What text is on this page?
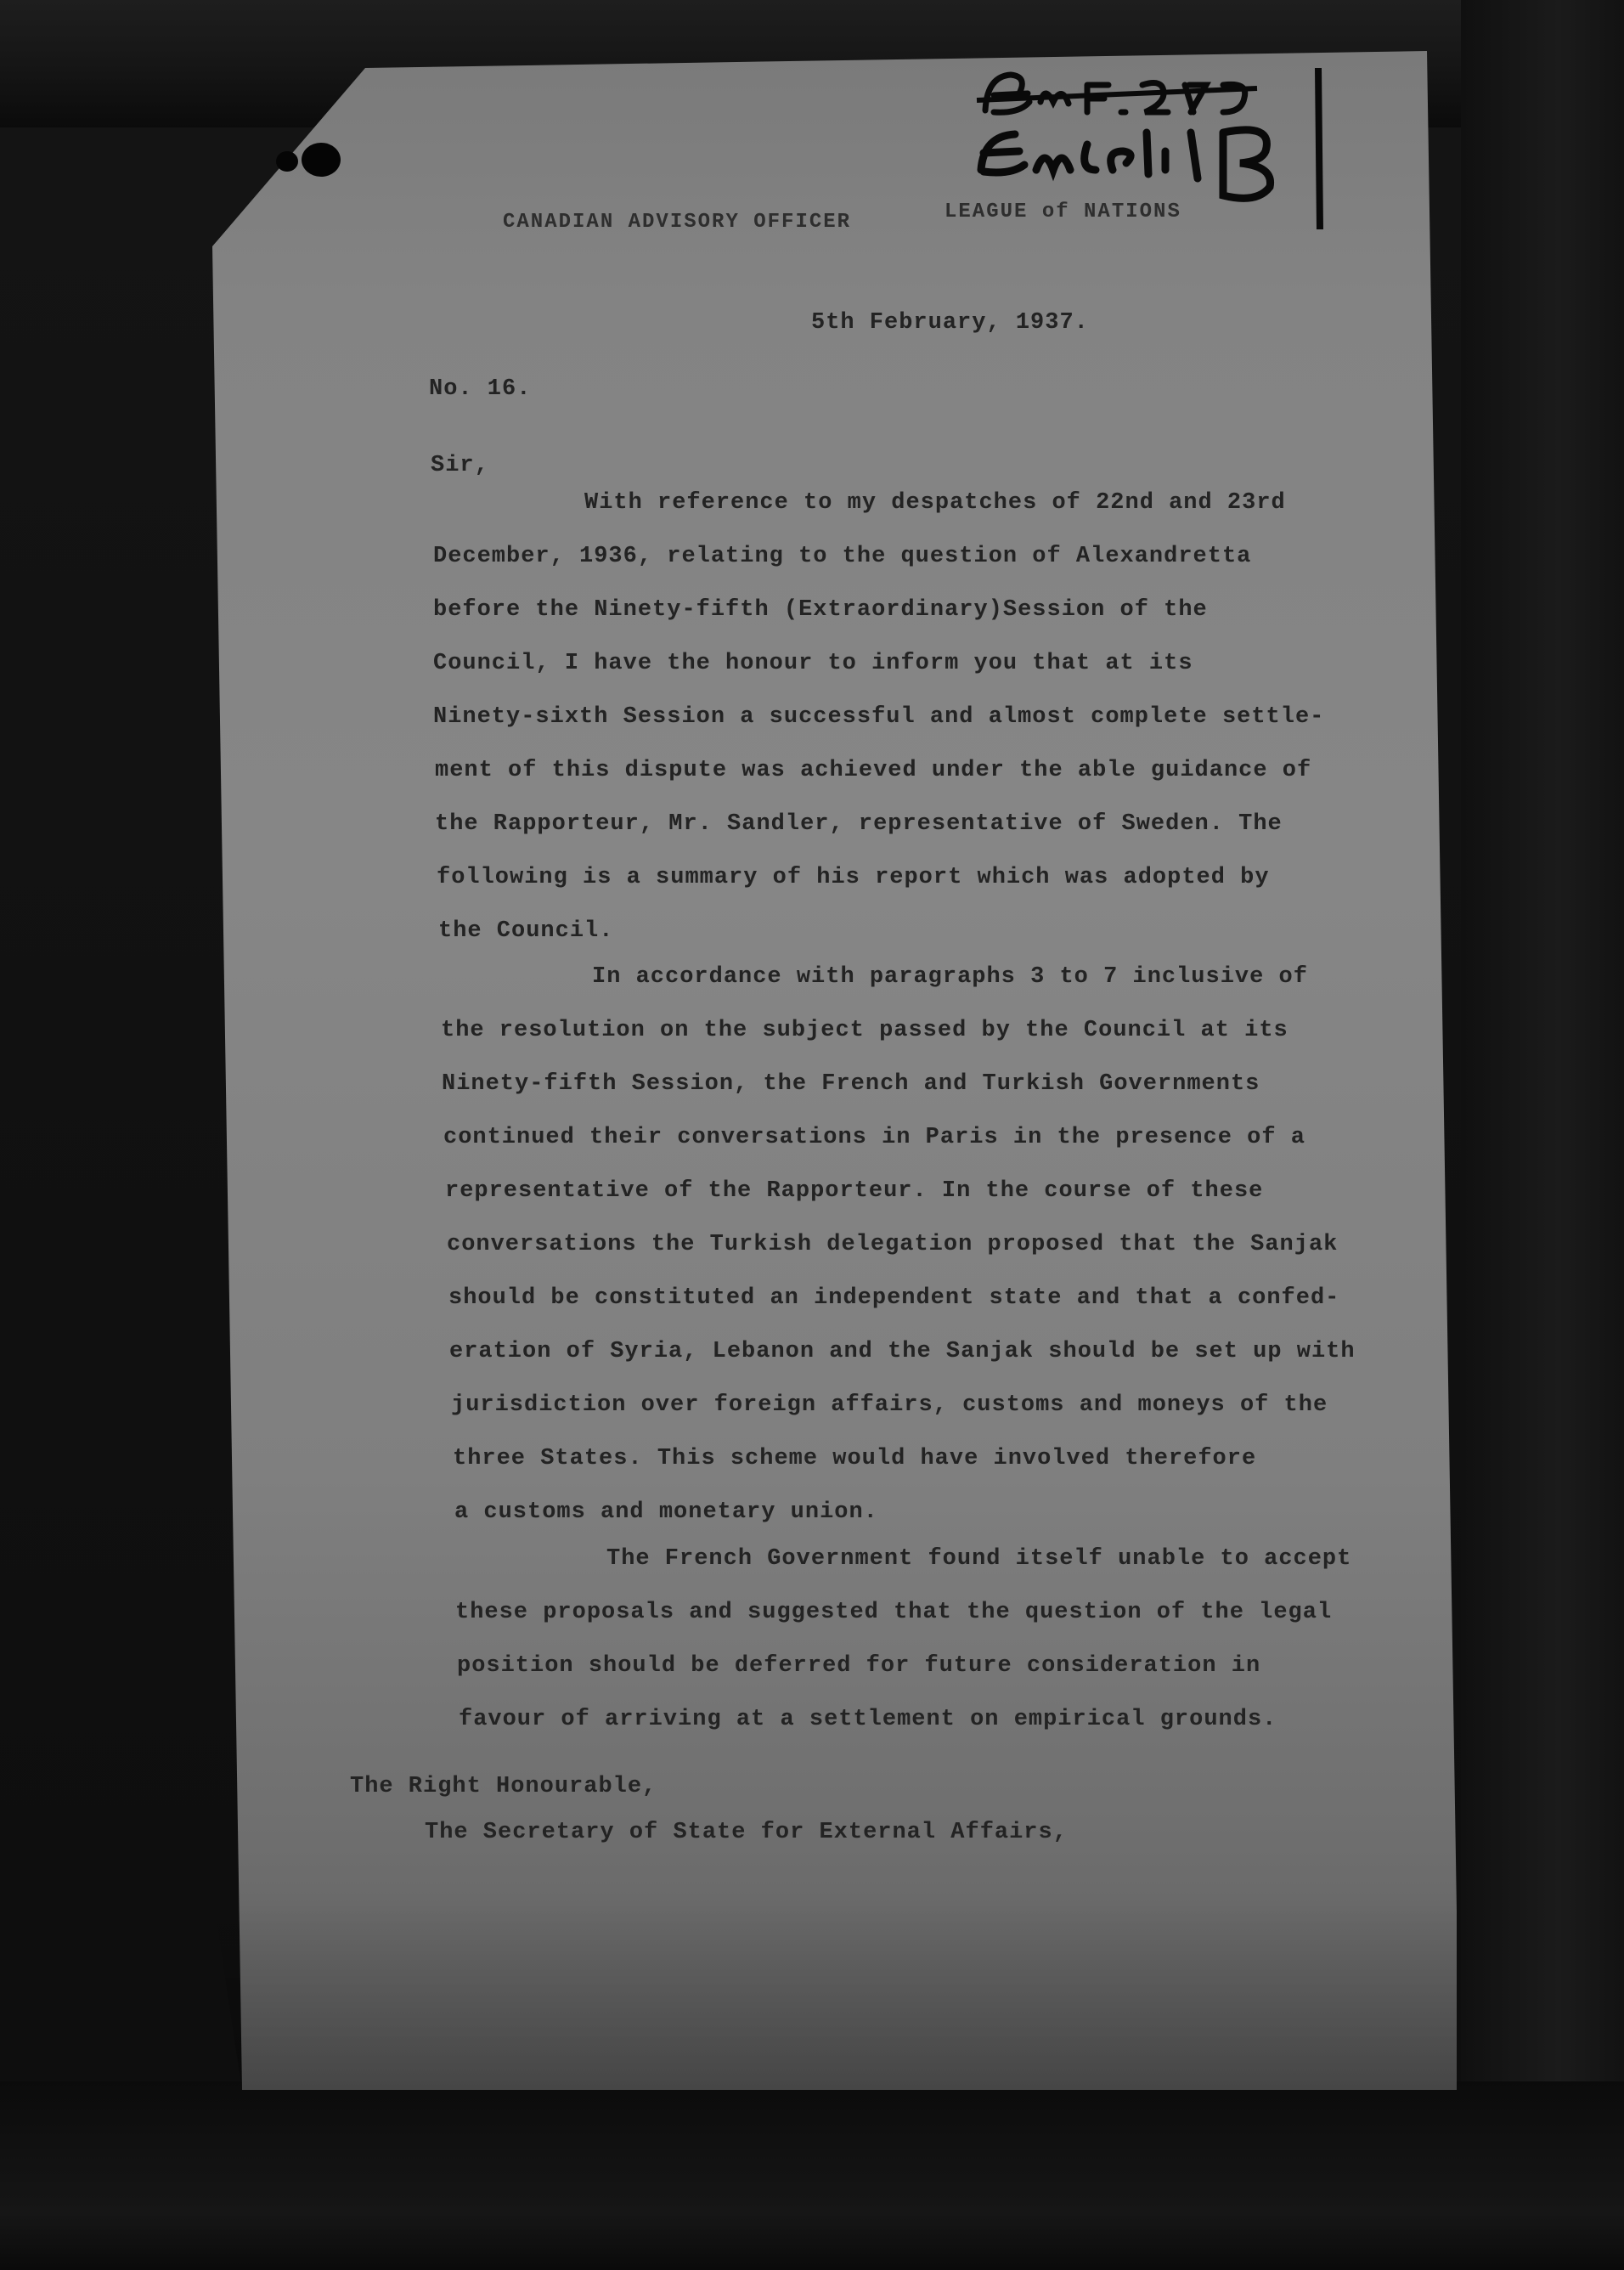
CANADIAN ADVISORY OFFICER	LEAGUE of NATIONS
5th February, 1937.
No. 16.
Sir,
With reference to my despatches of 22nd and 23rd
December, 1936, relating to the question of Alexandretta
before the Ninety-fifth (Extraordinary)Session of the
Council, I have the honour to inform you that at its
Ninety-sixth Session a successful and almost complete settle-
ment of this dispute was achieved under the able guidance of
the Rapporteur, Mr. Sandler, representative of Sweden. The
following is a summary of his report which was adopted by
the Council.
In accordance with paragraphs 3 to 7 inclusive of
the resolution on the subject passed by the Council at its
Ninety-fifth Session, the French and Turkish Governments
continued their conversations in Paris in the presence of a
representative of the Rapporteur. In the course of these
conversations the Turkish delegation proposed that the Sanjak
should be constituted an independent state and that a confed-
eration of Syria, Lebanon and the Sanjak should be set up with
jurisdiction over foreign affairs, customs and moneys of the
three States. This scheme would have involved therefore
a customs and monetary union.
The French Government found itself unable to accept
these proposals and suggested that the question of the legal
position should be deferred for future consideration in
favour of arriving at a settlement on empirical grounds.
The Right Honourable,
The Secretary of State for External Affairs,
